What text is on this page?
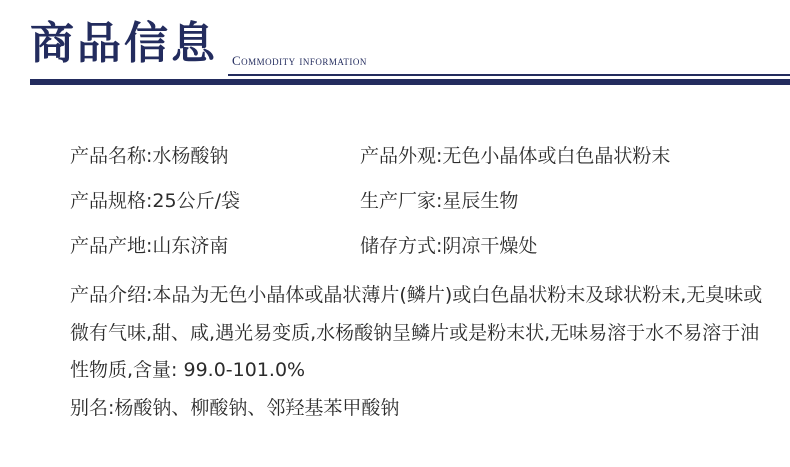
商品信息 Commodity information
产品名称:水杨酸钠	产品外观:无色小晶体或白色晶状粉末
产品规格:25公斤/袋	生产厂家:星辰生物
产品产地:山东济南	储存方式:阴凉干燥处
产品介绍:本品为无色小晶体或晶状薄片(鳞片)或白色晶状粉末及球状粉末,无臭味或微有气味,甜、咸,遇光易变质,水杨酸钠呈鳞片或是粉末状,无味易溶于水不易溶于油性物质,含量: 99.0-101.0%
别名:杨酸钠、柳酸钠、邻羟基苯甲酸钠
